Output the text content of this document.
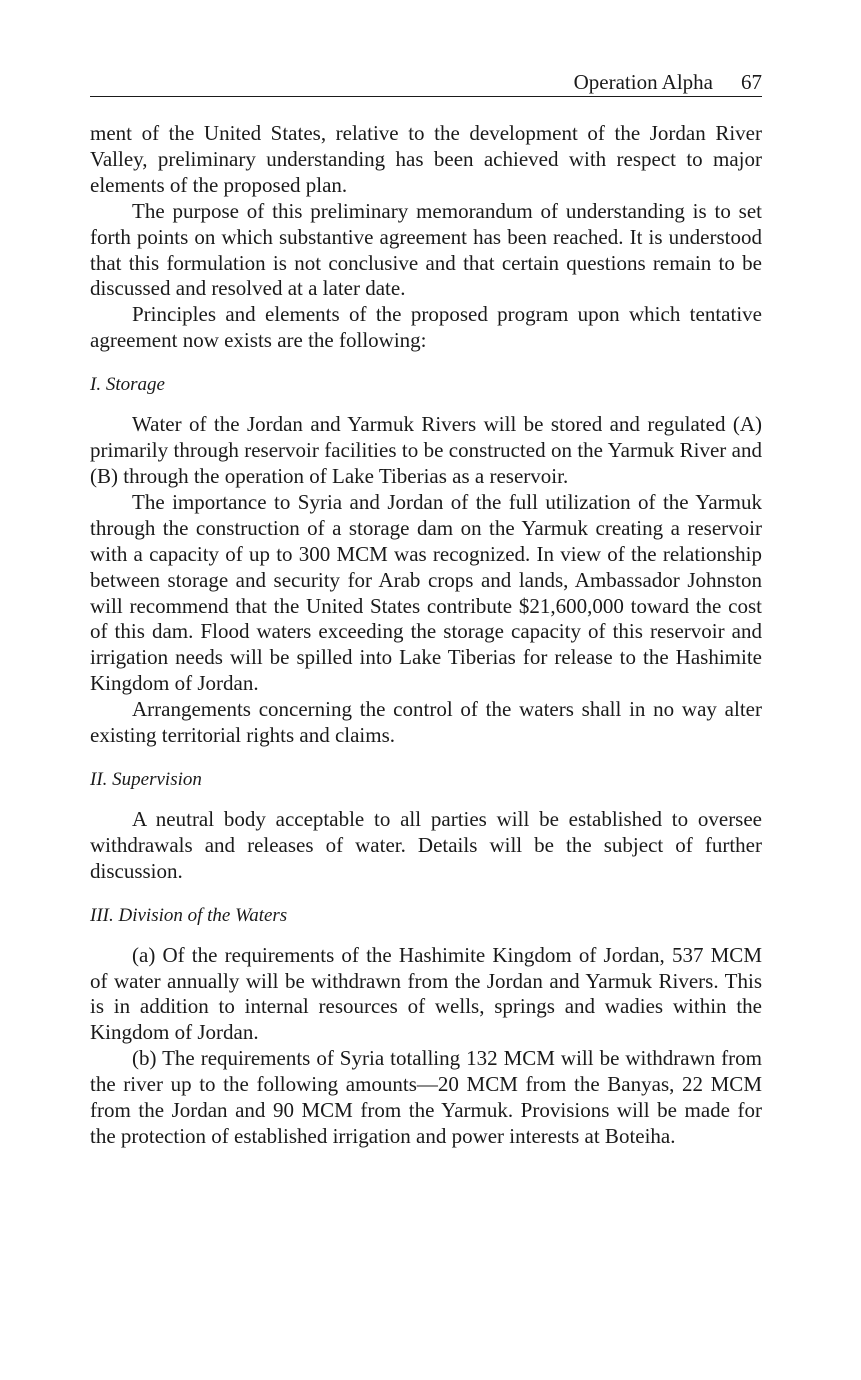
Operation Alpha 67

ment of the United States, relative to the development of the Jordan River Valley, preliminary understanding has been achieved with respect to major elements of the proposed plan.

The purpose of this preliminary memorandum of understanding is to set forth points on which substantive agreement has been reached. It is understood that this formulation is not conclusive and that certain questions remain to be discussed and resolved at a later date.

Principles and elements of the proposed program upon which tentative agreement now exists are the following:

I. Storage

Water of the Jordan and Yarmuk Rivers will be stored and regulated (A) primarily through reservoir facilities to be constructed on the Yarmuk River and (B) through the operation of Lake Tiberias as a reservoir.

The importance to Syria and Jordan of the full utilization of the Yarmuk through the construction of a storage dam on the Yarmuk creating a reservoir with a capacity of up to 300 MCM was recognized. In view of the relationship between storage and security for Arab crops and lands, Ambassador Johnston will recommend that the United States contribute $21,600,000 toward the cost of this dam. Flood waters exceeding the storage capacity of this reservoir and irrigation needs will be spilled into Lake Tiberias for release to the Hashimite Kingdom of Jordan.

Arrangements concerning the control of the waters shall in no way alter existing territorial rights and claims.

II. Supervision

A neutral body acceptable to all parties will be established to oversee withdrawals and releases of water. Details will be the subject of further discussion.

III. Division of the Waters

(a) Of the requirements of the Hashimite Kingdom of Jordan, 537 MCM of water annually will be withdrawn from the Jordan and Yarmuk Rivers. This is in addition to internal resources of wells, springs and wadies within the Kingdom of Jordan.

(b) The requirements of Syria totalling 132 MCM will be withdrawn from the river up to the following amounts—20 MCM from the Banyas, 22 MCM from the Jordan and 90 MCM from the Yarmuk. Provisions will be made for the protection of established irrigation and power interests at Boteiha.
